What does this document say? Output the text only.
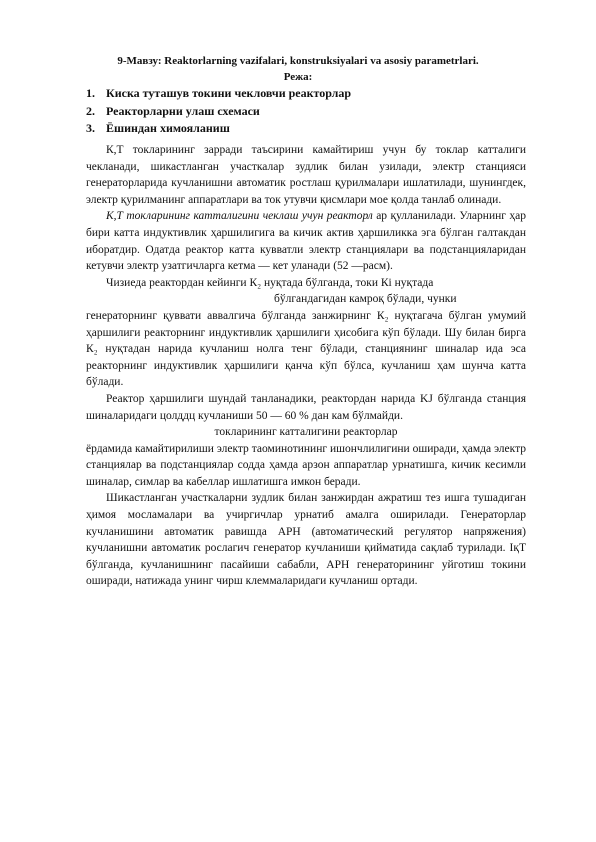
9-Мавзу: Reaktorlarning vazifalari, konstruksiyalari va asosiy parametrlari.
Режа:
1. Киска туташув токини чекловчи реакторлар
2. Реакторларни улаш схемаси
3. Ёшиндан химояланиш

К,Т токларининг зарради таъсирини камайтириш учун бу токлар катталиги чекланади, шикастланган участкалар зудлик билан узилади, электр станцияси генераторларида кучланишни автоматик ростлаш қурилмалари ишлатилади, шунингдек, электр қурилманинг аппаратлари ва ток утувчи қисмлари мое қолда танлаб олинади.

К,Т токларининг катталигини чеклаш учун реакторл ар қулланилади. Уларнинг ҳар бири катта индуктивлик ҳаршилигига ва кичик актив ҳаршиликка эга бўлган галтакдан иборатдир. Одатда реактор катта кувватли электр станциялари ва подстанцияларидан кетувчи электр узатгичларга кетма — кет уланади (52 —расм).

Чизиеда реактордан кейинги К₂ нуқтада бўлганда, токи Кi нуқтада

бўлгандагидан камроқ бўлади, чунки

генераторнинг қуввати аввалгича бўлганда занжирнинг К₂ нуқтагача бўлган умумий ҳаршилиги реакторнинг индуктивлик ҳаршилиги ҳисобига кўп бўлади. Шу билан бирга К₂ нуқтадан нарида кучланиш нолга тенг бўлади, станциянинг шиналар ида эса реакторнинг индуктивлик ҳаршилиги қанча кўп бўлса, кучланиш ҳам шунча катта бўлади.

Реактор ҳаршилиги шундай танланадики, реактордан нарида KJ бўлганда станция шиналаридаги цолддц кучланиши 50 — 60 % дан кам бўлмайди.

токларининг катталигини реакторлар

ёрдамида камайтирилиши электр таоминотининг ишончлилигини оширади, ҳамда электр станциялар ва подстанциялар содда ҳамда арзон аппаратлар урнатишга, кичик кесимли шиналар, симлар ва кабеллар ишлатишга имкон беради.

Шикастланган участкаларни зудлик билан занжирдан ажратиш тез ишга тушадиган ҳимоя мосламалари ва учиргичлар урнатиб амалга оширилади. Генераторлар кучланишини автоматик равишда АРН (автоматический регулятор напряжения) кучланишни автоматик рослагич генератор кучланиши қийматида сақлаб турилади. IқТ бўлганда, кучланишнинг пасайиши сабабли, АРН генераторининг уйготиш токини оширади, натижада унинг чирш клеммаларидаги кучланиш ортади.
